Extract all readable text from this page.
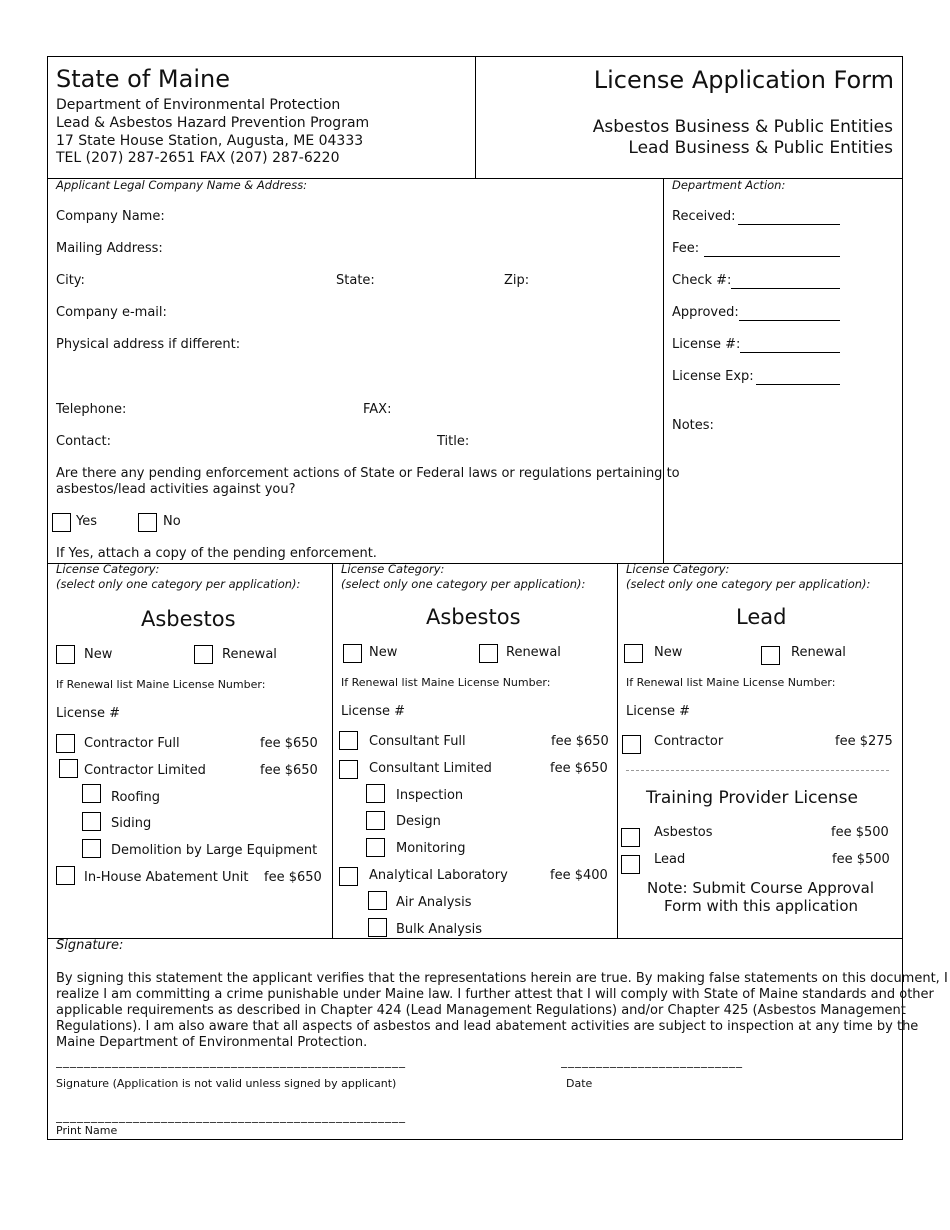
State of Maine
Department of Environmental Protection
Lead & Asbestos Hazard Prevention Program
17 State House Station, Augusta, ME 04333
TEL (207) 287-2651 FAX (207) 287-6220
License Application Form
Asbestos Business & Public Entities
Lead Business & Public Entities
Applicant Legal Company Name & Address:
Company Name:
Mailing Address:
City:	State:	Zip:
Company e-mail:
Physical address if different:
Telephone:	FAX:
Contact:	Title:
Are there any pending enforcement actions of State or Federal laws or regulations pertaining to
asbestos/lead activities against you?
Yes	No
If Yes, attach a copy of the pending enforcement.
Department Action:
Received:
Fee:
Check #:
Approved:
License #:
License Exp:
Notes:
License Category:
(select only one category per application):
Asbestos
New	Renewal
If Renewal list Maine License Number:
License #
Contractor Full	fee $650
Contractor Limited	fee $650
Roofing
Siding
Demolition by Large Equipment
In-House Abatement Unit fee $650
License Category:
(select only one category per application):
Asbestos
New	Renewal
If Renewal list Maine License Number:
License #
Consultant Full	fee $650
Consultant Limited	fee $650
Inspection
Design
Monitoring
Analytical Laboratory	fee $400
Air Analysis
Bulk Analysis
License Category:
(select only one category per application):
Lead
New	Renewal
If Renewal list Maine License Number:
License #
Contractor	fee $275
Training Provider License
Asbestos	fee $500
Lead	fee $500
Note: Submit Course Approval
Form with this application
Signature:
By signing this statement the applicant verifies that the representations herein are true. By making false statements on this document, I
realize I am committing a crime punishable under Maine law. I further attest that I will comply with State of Maine standards and other
applicable requirements as described in Chapter 424 (Lead Management Regulations) and/or Chapter 425 (Asbestos Management
Regulations). I am also aware that all aspects of asbestos and lead abatement activities are subject to inspection at any time by the
Maine Department of Environmental Protection.
__________________________________________________	__________________________
Signature (Application is not valid unless signed by applicant)	Date
__________________________________________________
Print Name
